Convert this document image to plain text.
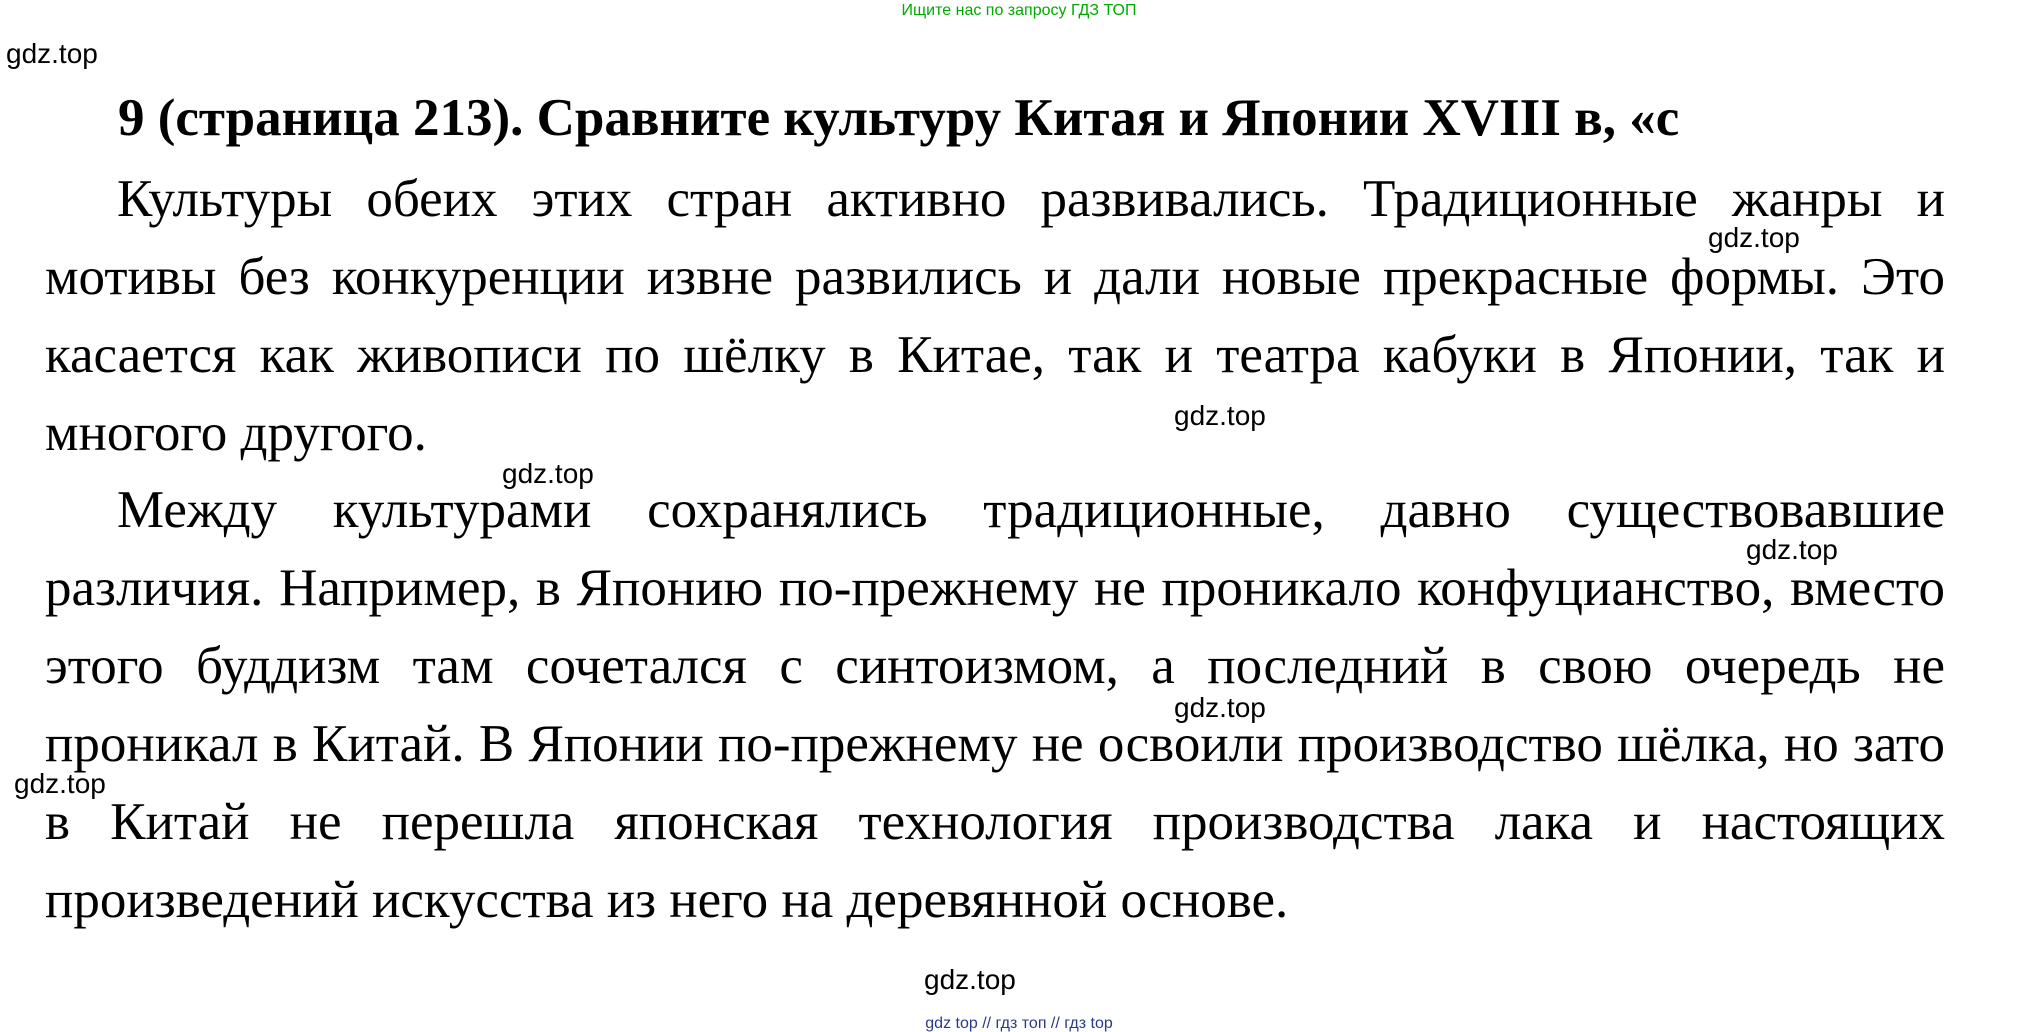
Ищите нас по запросу ГДЗ ТОП
gdz.top
9 (страница 213). Сравните культуру Китая и Японии XVIII в, «с

Культуры обеих этих стран активно развивались. Традиционные жанры и мотивы без конкуренции извне развились и дали новые прекрасные формы. Это касается как живописи по шёлку в Китае, так и театра кабуки в Японии, так и многого другого.

Между культурами сохранялись традиционные, давно существовавшие различия. Например, в Японию по-прежнему не проникало конфуцианство, вместо этого буддизм там сочетался с синтоизмом, а последний в свою очередь не проникал в Китай. В Японии по-прежнему не освоили производство шёлка, но зато в Китай не перешла японская технология производства лака и настоящих произведений искусства из него на деревянной основе.

gdz.top
gdz.top
gdz.top
gdz.top
gdz.top
gdz.top
gdz.top
gdz top // гдз топ // гдз top
